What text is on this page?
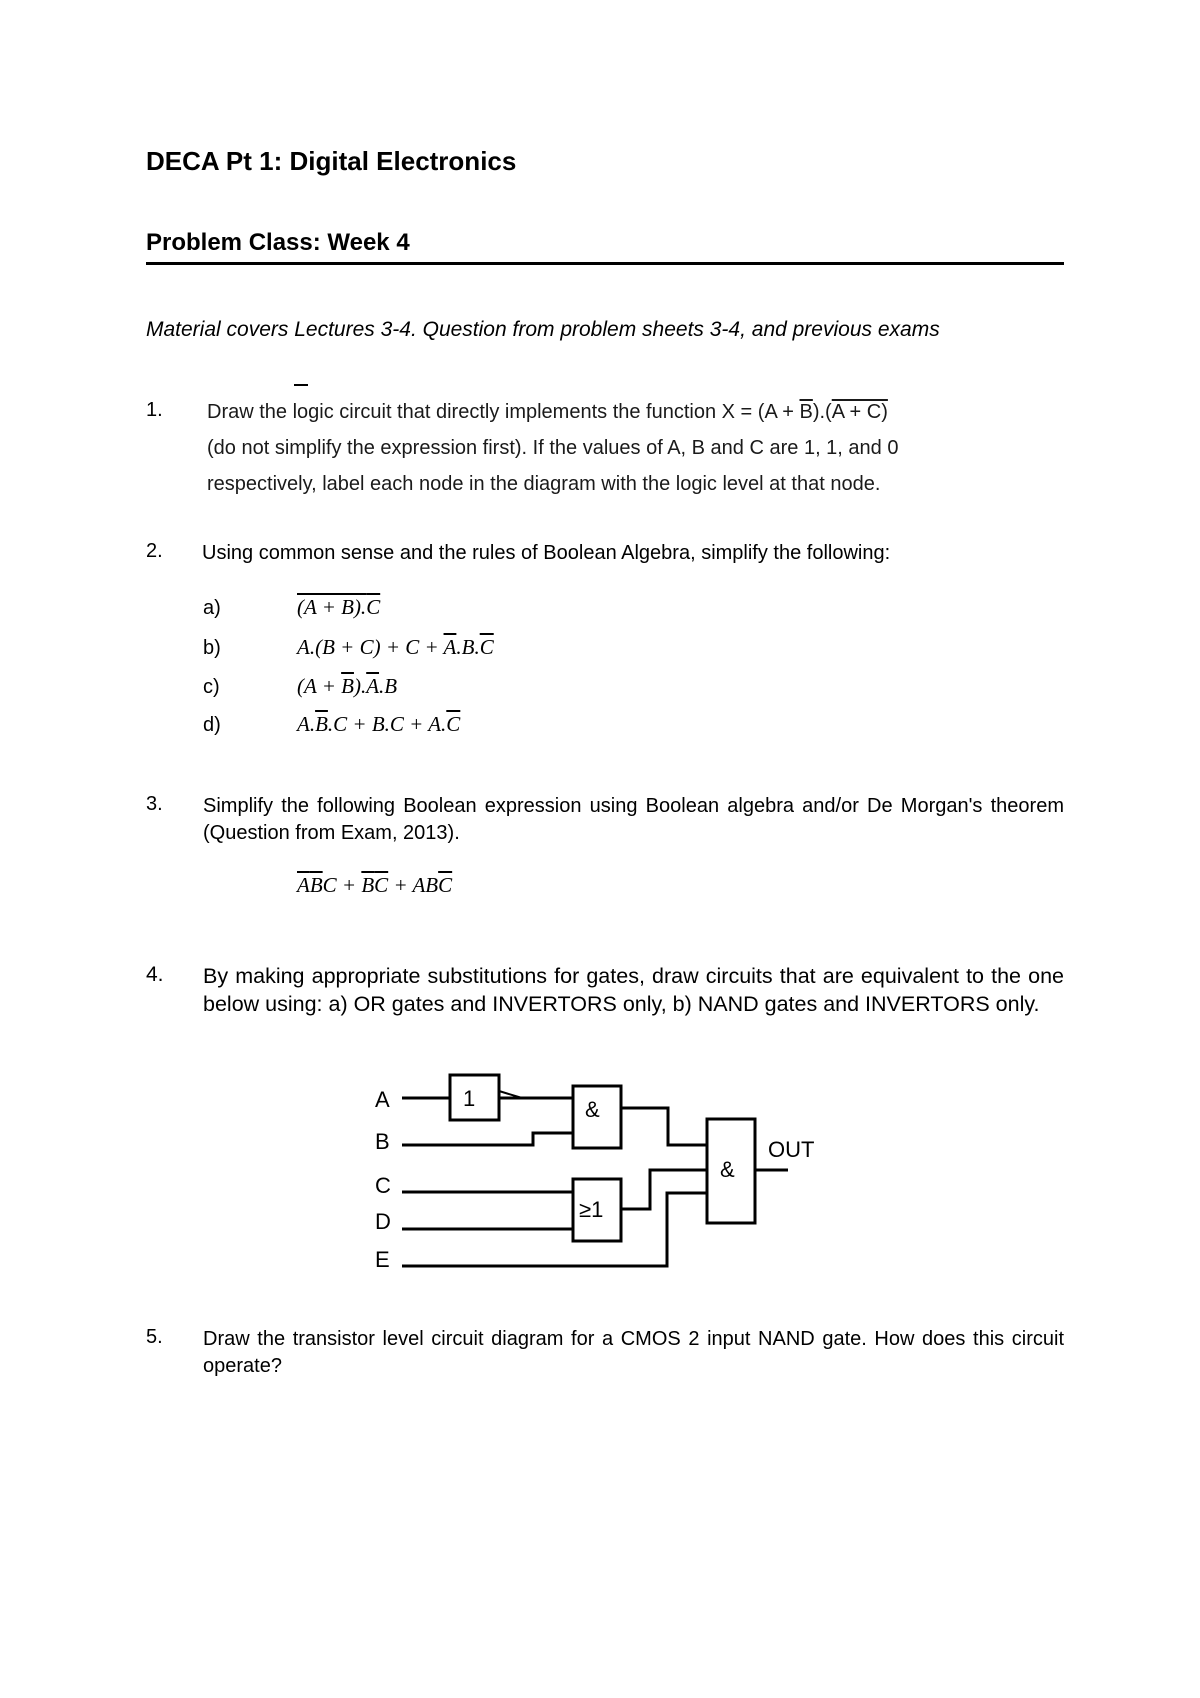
DECA Pt 1: Digital Electronics
Problem Class: Week 4
Material covers Lectures 3-4. Question from problem sheets 3-4, and previous exams
1. Draw the logic circuit that directly implements the function $X = (A + \overline{B}).(A + C)$
(do not simplify the expression first). If the values of A, B and C are 1, 1, and 0
respectively, label each node in the diagram with the logic level at that node.
2. Using common sense and the rules of Boolean Algebra, simplify the following:
a)	(A + B).C
b)	$A.(B + C) + C + \overline{A}.B.\overline{C}$
c)	$(A + \overline{B}).\overline{A}.B$
d)	$A.\overline{B}.C + B.C + A.\overline{C}$
3. Simplify the following Boolean expression using Boolean algebra and/or De Morgan's theorem (Question from Exam, 2013).
$\overline{A}\overline{B}C + \overline{B}\overline{C} + AB\overline{C}$
4. By making appropriate substitutions for gates, draw circuits that are equivalent to the one below using: a) OR gates and INVERTORS only, b) NAND gates and INVERTORS only.
A
B
C
D
E
1	&
≥1
&
OUT
5. Draw the transistor level circuit diagram for a CMOS 2 input NAND gate. How does this circuit operate?
